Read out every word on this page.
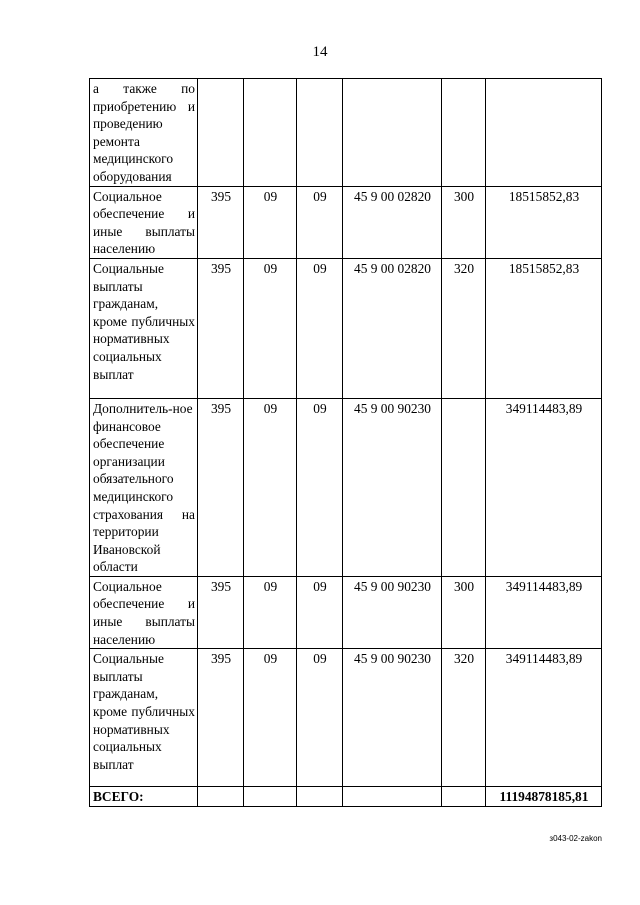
14
а также по приобретению и проведению ремонта медицинского оборудования						
Социальное обеспечение и иные выплаты населению	395	09	09	45 9 00 02820	300	18515852,83
Социальные выплаты гражданам, кроме публичных нормативных социальных выплат	395	09	09	45 9 00 02820	320	18515852,83
Дополнитель-ное финансовое обеспечение организации обязательного медицинского страхования на территории Ивановской области	395	09	09	45 9 00 90230		349114483,89
Социальное обеспечение и иные выплаты населению	395	09	09	45 9 00 90230	300	349114483,89
Социальные выплаты гражданам, кроме публичных нормативных социальных выплат	395	09	09	45 9 00 90230	320	349114483,89
ВСЕГО:						11194878185,81
з043-02-zakon
